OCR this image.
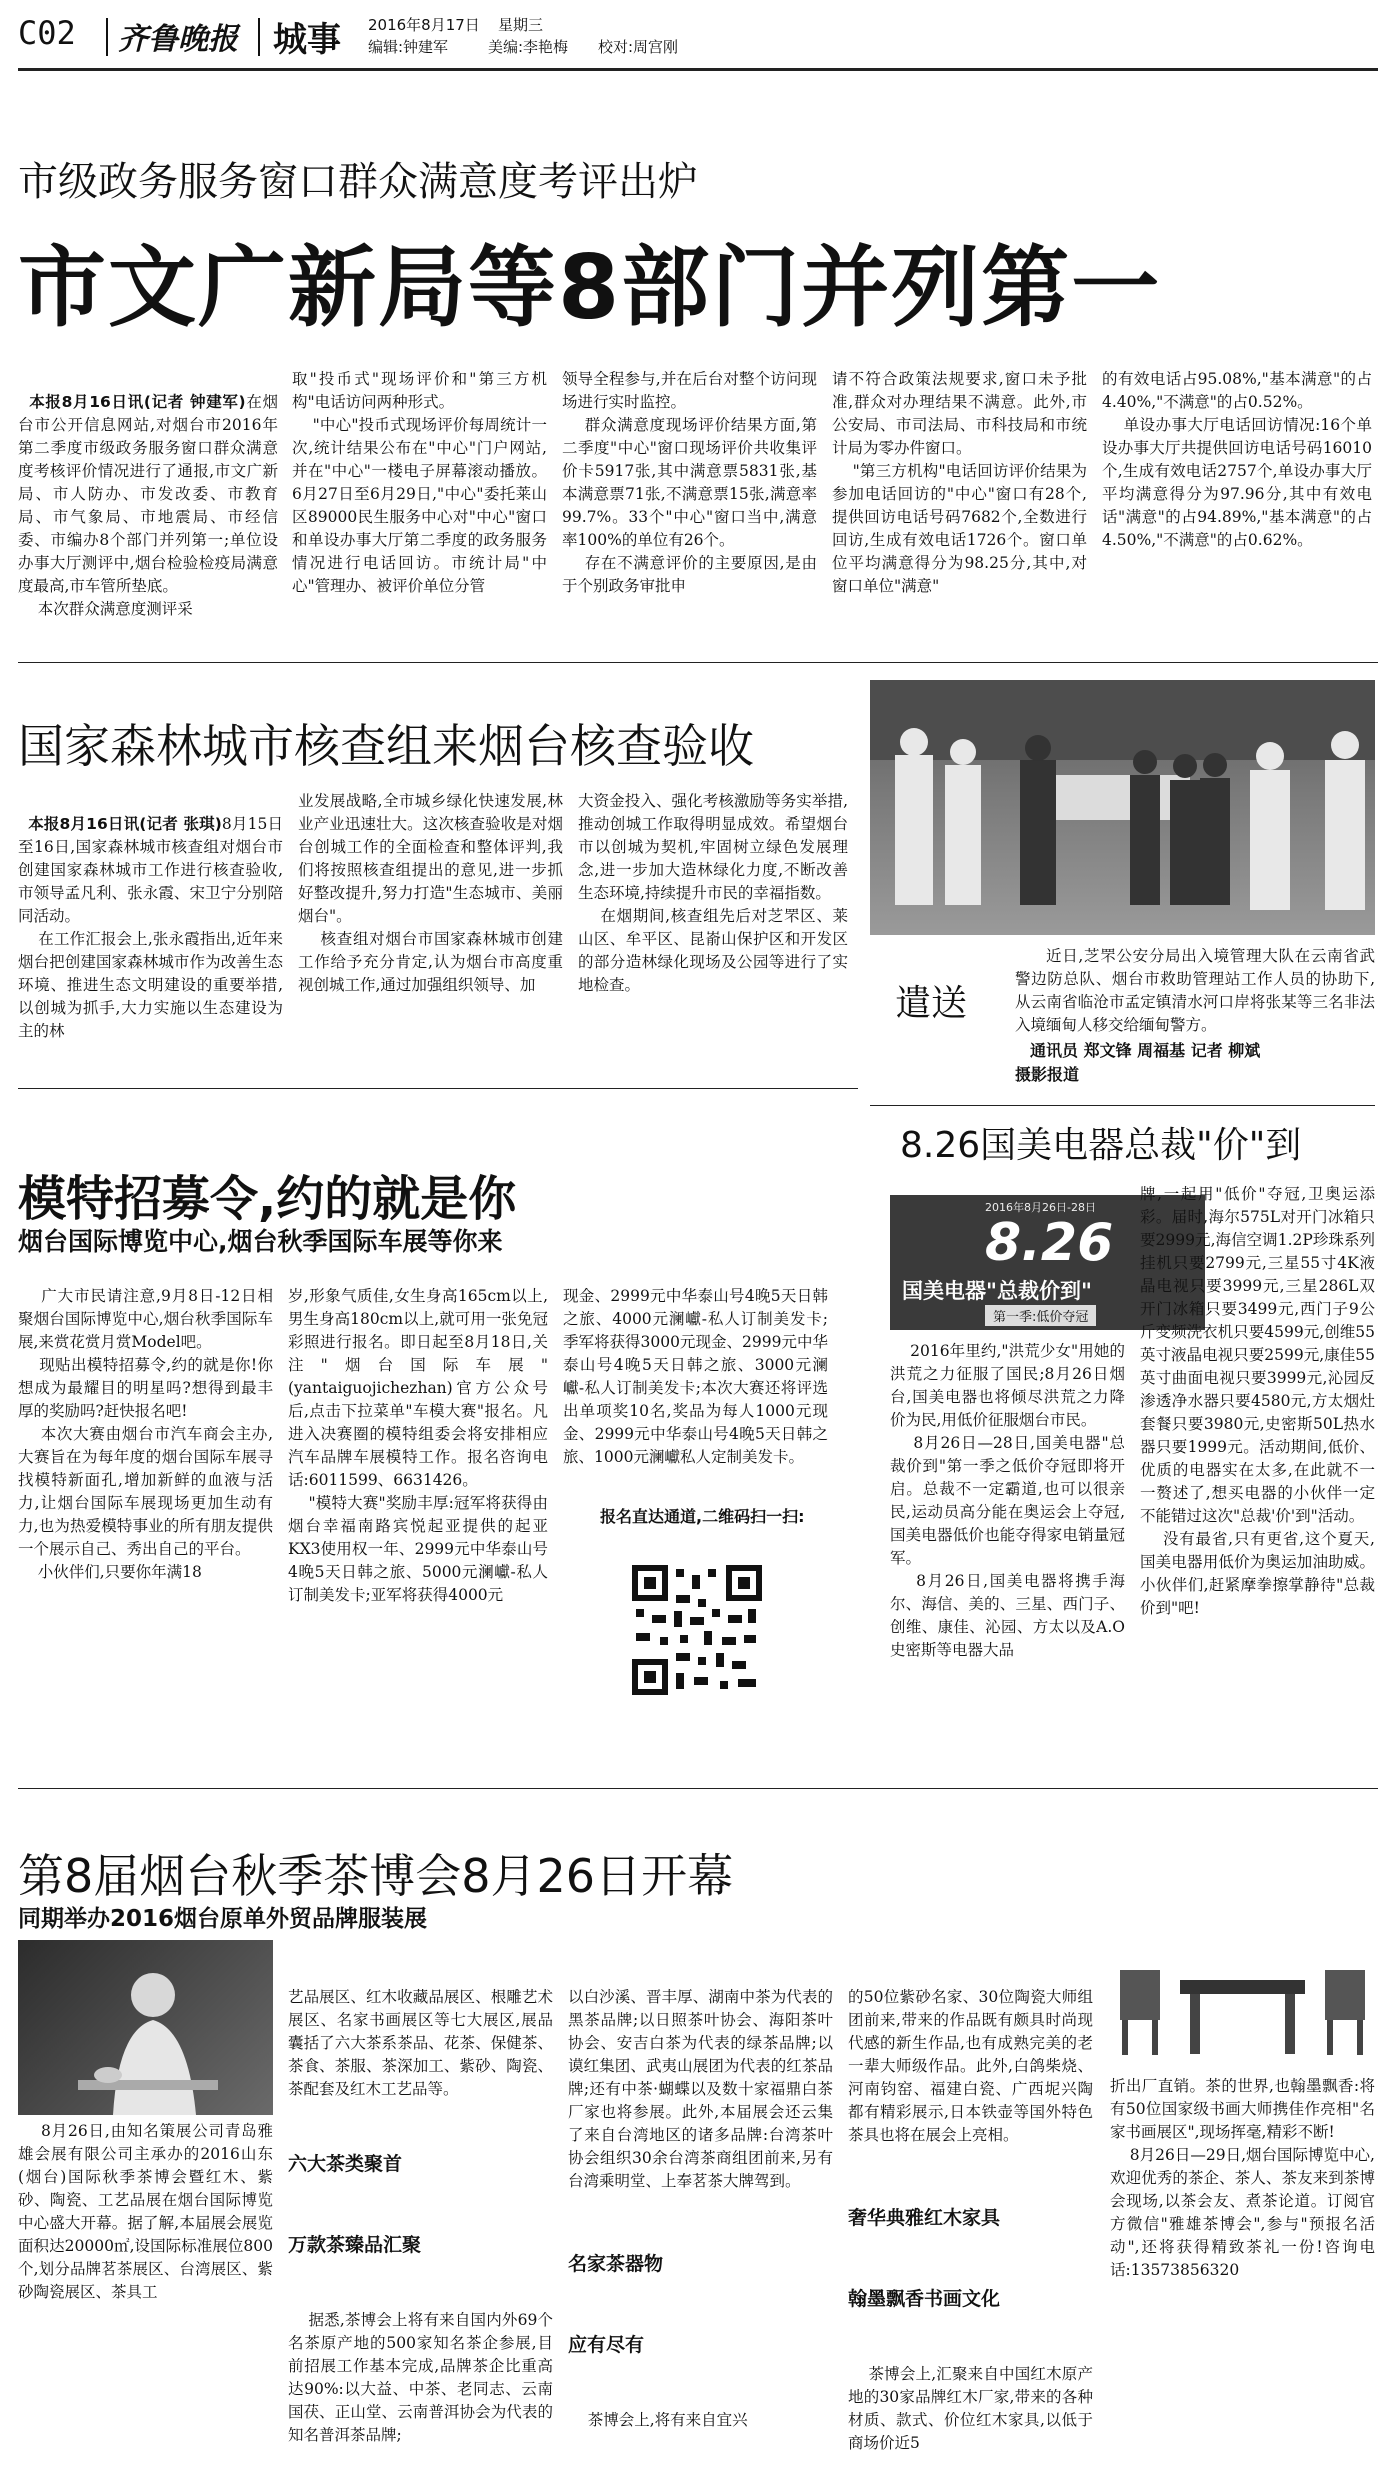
C02 齐鲁晚报 城事 2016年8月17日 星期三
编辑:钟建军	美编:李艳梅 校对:周宫刚
市级政务服务窗口群众满意度考评出炉
市文广新局等8部门并列第一

本报8月16日讯(记者 钟建军)在烟台市公开信息网站,对烟台市2016年第二季度市级政务服务窗口群众满意度考核评价情况进行了通报,市文广新局、市人防办、市发改委、市教育局、市气象局、市地震局、市经信委、市编办8个部门并列第一;单位设办事大厅测评中,烟台检验检疫局满意度最高,市车管所垫底。
本次群众满意度测评采

取"投币式"现场评价和"第三方机构"电话访问两种形式。
"中心"投币式现场评价每周统计一次,统计结果公布在"中心"门户网站,并在"中心"一楼电子屏幕滚动播放。6月27日至6月29日,"中心"委托莱山区89000民生服务中心对"中心"窗口和单设办事大厅第二季度的政务服务情况进行电话回访。市统计局"中心"管理办、被评价单位分管
领导全程参与,并在后台对整个访问现场进行实时监控。
群众满意度现场评价结果方面,第二季度"中心"窗口现场评价共收集评价卡5917张,其中满意票5831张,基本满意票71张,不满意票15张,满意率99.7%。33个"中心"窗口当中,满意率100%的单位有26个。
存在不满意评价的主要原因,是由于个别政务审批申
请不符合政策法规要求,窗口未予批准,群众对办理结果不满意。此外,市公安局、市司法局、市科技局和市统计局为零办件窗口。
"第三方机构"电话回访评价结果为参加电话回访的"中心"窗口有28个,提供回访电话号码7682个,全数进行回访,生成有效电话1726个。窗口单位平均满意得分为98.25分,其中,对窗口单位"满意"
的有效电话占95.08%,"基本满意"的占4.40%,"不满意"的占0.52%。
单设办事大厅电话回访情况:16个单设办事大厅共提供回访电话号码16010个,生成有效电话2757个,单设办事大厅平均满意得分为97.96分,其中有效电话"满意"的占94.89%,"基本满意"的占4.50%,"不满意"的占0.62%。
国家森林城市核查组来烟台核查验收

本报8月16日讯(记者 张琪)8月15日至16日,国家森林城市核查组对烟台市创建国家森林城市工作进行核查验收,市领导孟凡利、张永霞、宋卫宁分别陪同活动。
在工作汇报会上,张永霞指出,近年来烟台把创建国家森林城市作为改善生态环境、推进生态文明建设的重要举措,以创城为抓手,大力实施以生态建设为主的林

业发展战略,全市城乡绿化快速发展,林业产业迅速壮大。这次核查验收是对烟台创城工作的全面检查和整体评判,我们将按照核查组提出的意见,进一步抓好整改提升,努力打造"生态城市、美丽烟台"。
核查组对烟台市国家森林城市创建工作给予充分肯定,认为烟台市高度重视创城工作,通过加强组织领导、加
大资金投入、强化考核激励等务实举措,推动创城工作取得明显成效。希望烟台市以创城为契机,牢固树立绿色发展理念,进一步加大造林绿化力度,不断改善生态环境,持续提升市民的幸福指数。
在烟期间,核查组先后对芝罘区、莱山区、牟平区、昆嵛山保护区和开发区的部分造林绿化现场及公园等进行了实地检查。	遣送
近日,芝罘公安分局出入境管理大队在云南省武警边防总队、烟台市救助管理站工作人员的协助下,从云南省临沧市孟定镇清水河口岸将张某等三名非法入境缅甸人移交给缅甸警方。
通讯员 郑文锋 周福基 记者 柳斌
摄影报道
模特招募令,约的就是你
烟台国际博览中心,烟台秋季国际车展等你来
广大市民请注意,9月8日-12日相聚烟台国际博览中心,烟台秋季国际车展,来赏花赏月赏Model吧。
现贴出模特招募令,约的就是你!你想成为最耀目的明星吗?想得到最丰厚的奖励吗?赶快报名吧!
本次大赛由烟台市汽车商会主办,大赛旨在为每年度的烟台国际车展寻找模特新面孔,增加新鲜的血液与活力,让烟台国际车展现场更加生动有力,也为热爱模特事业的所有朋友提供一个展示自己、秀出自己的平台。
小伙伴们,只要你年满18
岁,形象气质佳,女生身高165cm以上,男生身高180cm以上,就可用一张免冠彩照进行报名。即日起至8月18日,关注"烟台国际车展"(yantaiguojichezhan)官方公众号后,点击下拉菜单"车模大赛"报名。凡进入决赛圈的模特组委会将安排相应汽车品牌车展模特工作。报名咨询电话:6011599、6631426。
"模特大赛"奖励丰厚:冠军将获得由烟台幸福南路宾悦起亚提供的起亚KX3使用权一年、2999元中华泰山号4晚5天日韩之旅、5000元澜巘-私人订制美发卡;亚军将获得4000元
现金、2999元中华泰山号4晚5天日韩之旅、4000元澜巘-私人订制美发卡;季军将获得3000元现金、2999元中华泰山号4晚5天日韩之旅、3000元澜巘-私人订制美发卡;本次大赛还将评选出单项奖10名,奖品为每人1000元现金、2999元中华泰山号4晚5天日韩之旅、1000元澜巘私人定制美发卡。
报名直达通道,二维码扫一扫:
8.26国美电器总裁"价"到
2016年8月26日-28日
8.26
国美电器"总裁价到"
第一季:低价夺冠
2016年里约,"洪荒少女"用她的洪荒之力征服了国民;8月26日烟台,国美电器也将倾尽洪荒之力降价为民,用低价征服烟台市民。
8月26日—28日,国美电器"总裁价到"第一季之低价夺冠即将开启。总裁不一定霸道,也可以很亲民,运动员高分能在奥运会上夺冠,国美电器低价也能夺得家电销量冠军。
8月26日,国美电器将携手海尔、海信、美的、三星、西门子、创维、康佳、沁园、方太以及A.O史密斯等电器大品
牌,一起用"低价"夺冠,卫奥运添彩。届时,海尔575L对开门冰箱只要2999元,海信空调1.2P珍珠系列挂机只要2799元,三星55寸4K液晶电视只要3999元,三星286L双开门冰箱只要3499元,西门子9公斤变频洗衣机只要4599元,创维55英寸液晶电视只要2599元,康佳55英寸曲面电视只要3999元,沁园反渗透净水器只要4580元,方太烟灶套餐只要3980元,史密斯50L热水器只要1999元。活动期间,低价、优质的电器实在太多,在此就不一一赘述了,想买电器的小伙伴一定不能错过这次"总裁'价'到"活动。
没有最省,只有更省,这个夏天,国美电器用低价为奥运加油助威。小伙伴们,赶紧摩拳擦掌静待"总裁价到"吧!
第8届烟台秋季茶博会8月26日开幕
同期举办2016烟台原单外贸品牌服装展
8月26日,由知名策展公司青岛雅雄会展有限公司主承办的2016山东(烟台)国际秋季茶博会暨红木、紫砂、陶瓷、工艺品展在烟台国际博览中心盛大开幕。据了解,本届展会展览面积达20000㎡,设国际标准展位800个,划分品牌茗茶展区、台湾展区、紫砂陶瓷展区、茶具工

艺品展区、红木收藏品展区、根雕艺术展区、名家书画展区等七大展区,展品囊括了六大茶系茶品、花茶、保健茶、茶食、茶服、茶深加工、紫砂、陶瓷、茶配套及红木工艺品等。

六大茶类聚首

万款茶臻品汇聚

据悉,茶博会上将有来自国内外69个名茶原产地的500家知名茶企参展,目前招展工作基本完成,品牌茶企比重高达90%:以大益、中茶、老同志、云南国茯、正山堂、云南普洱协会为代表的知名普洱茶品牌;

以白沙溪、晋丰厚、湖南中茶为代表的黑茶品牌;以日照茶叶协会、海阳茶叶协会、安吉白茶为代表的绿茶品牌;以谟红集团、武夷山展团为代表的红茶品牌;还有中茶·蝴蝶以及数十家福鼎白茶厂家也将参展。此外,本届展会还云集了来自台湾地区的诸多品牌:台湾茶叶协会组织30余台湾茶商组团前来,另有台湾乘明堂、上奉茗茶大牌驾到。

名家茶器物

应有尽有

茶博会上,将有来自宜兴

的50位紫砂名家、30位陶瓷大师组团前来,带来的作品既有颇具时尚现代感的新生作品,也有成熟完美的老一辈大师级作品。此外,白鸽柴烧、河南钧窑、福建白瓷、广西坭兴陶都有精彩展示,日本铁壶等国外特色茶具也将在展会上亮相。

奢华典雅红木家具

翰墨飘香书画文化

茶博会上,汇聚来自中国红木原产地的30家品牌红木厂家,带来的各种材质、款式、价位红木家具,以低于商场价近5

折出厂直销。茶的世界,也翰墨飘香:将有50位国家级书画大师携佳作亮相"名家书画展区",现场挥毫,精彩不断!
8月26日—29日,烟台国际博览中心,欢迎优秀的茶企、茶人、茶友来到茶博会现场,以茶会友、煮茶论道。订阅官方微信"雅雄茶博会",参与"预报名活动",还将获得精致茶礼一份!咨询电话:13573856320
